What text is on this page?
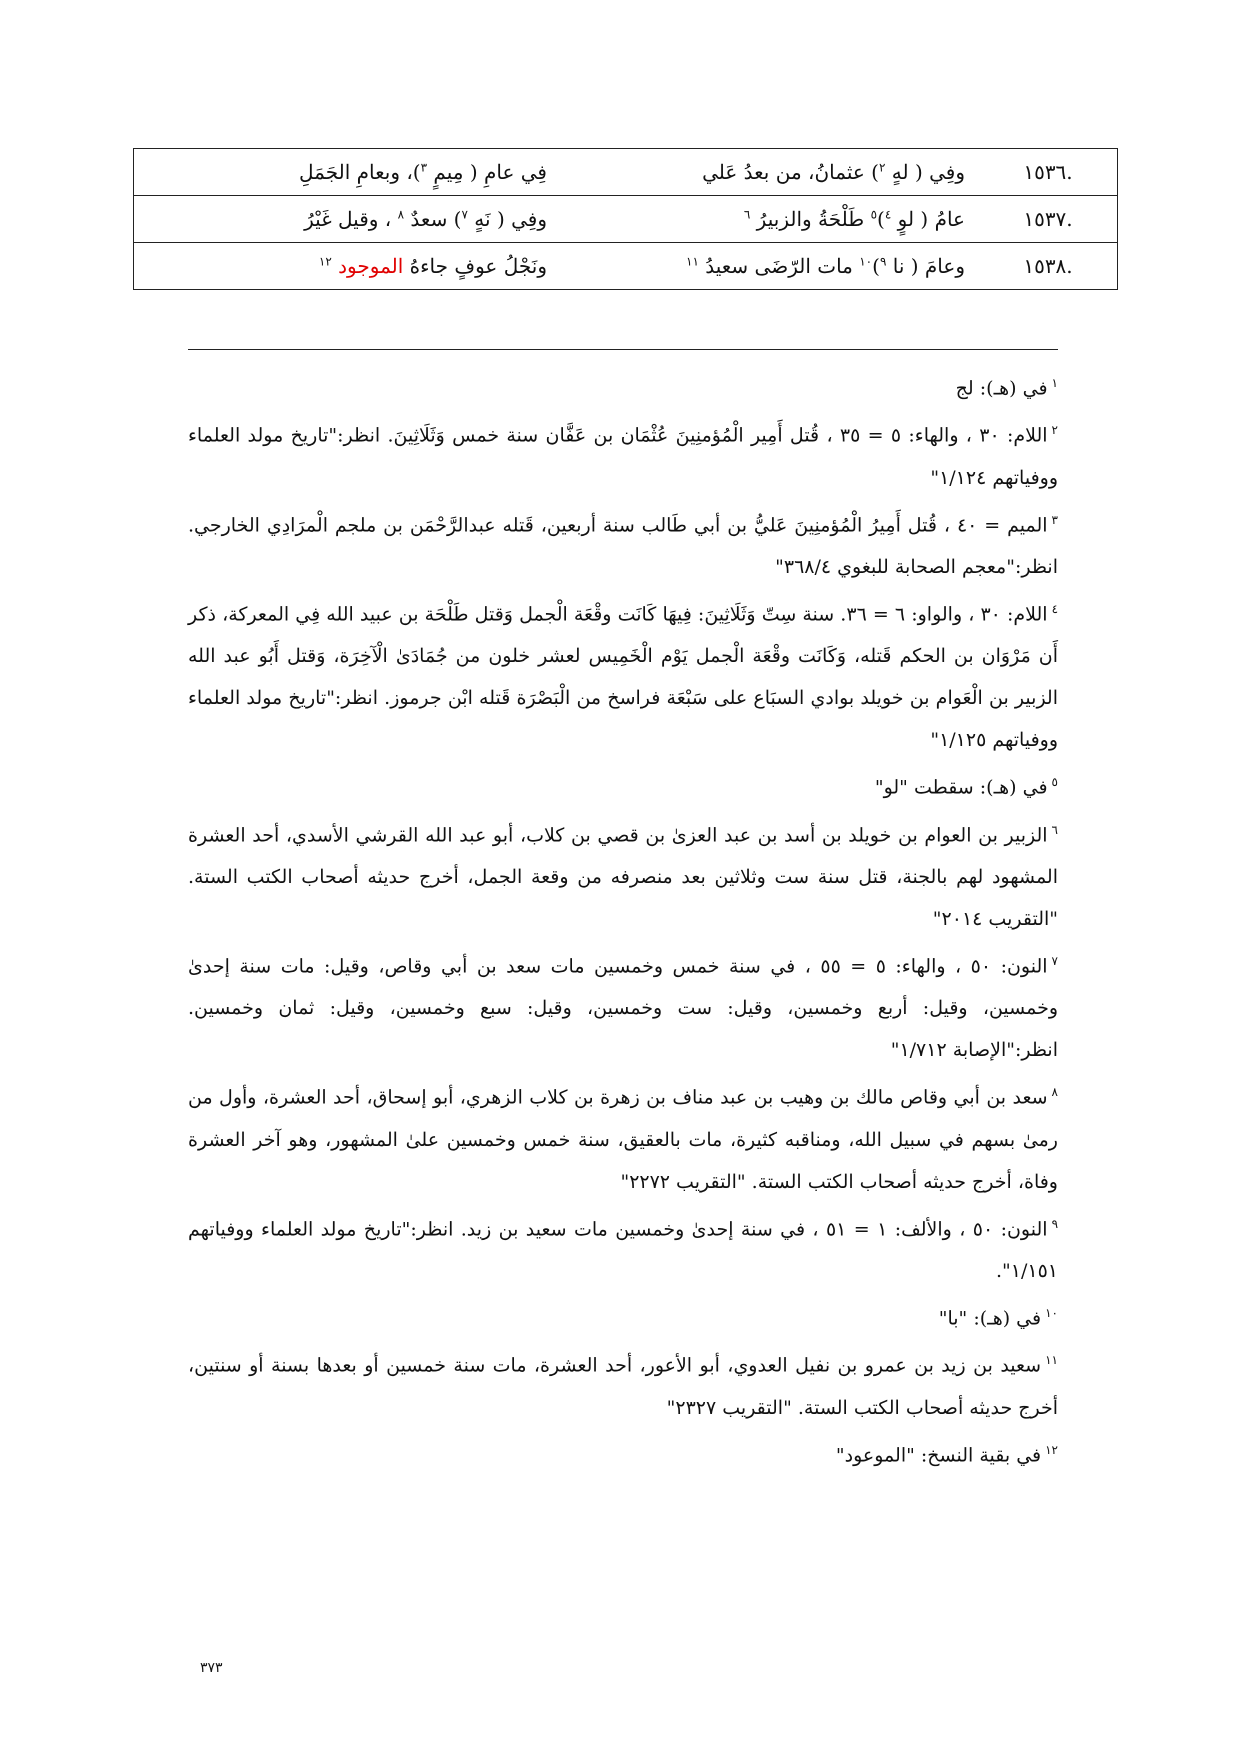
١٥٣٦.	وفِي ( لهٍ $^٢$) عثمانُ، من بعدُ عَلي	فِي عامِ ( مِيمٍ $^٣$)، وبعامِ الجَمَلِ
١٥٣٧.	عامُ ( لوٍ $^٤$)$^٥$ طَلْحَةُ والزبيرُ $^٦$	وفِي ( نَهٍ $^٧$) سعدٌ $^٨$ ، وقيل غَيْرُ
١٥٣٨.	وعامَ ( نا $^٩$)$^{١٠}$ مات الرّضَى سعيدُ $^{١١}$	ونَجْلُ عوفٍ جاءهُ الموجود $^{١٢}$

$^١$في (هـ): لج

$^٢$اللام: ٣٠ ، والهاء: ٥ = ٣٥ ، قُتل أَمِير الْمُؤمنِينَ عُثْمَان بن عَفَّان سنة خمس وَثَلَاثِينَ. انظر:"تاريخ مولد العلماء ووفياتهم ١/١٢٤"

$^٣$الميم = ٤٠ ، قُتل أَمِيرُ الْمُؤمنِينَ عَليُّ بن أبي طَالب سنة أربعين، قَتله عبدالرَّحْمَن بن ملجم الْمرَادِي الخارجي. انظر:"معجم الصحابة للبغوي ٣٦٨/٤"

$^٤$اللام: ٣٠ ، والواو: ٦ = ٣٦. سنة سِتّ وَثَلَاثِينَ: فِيهَا كَانَت وقْعَة الْجمل وَقتل طَلْحَة بن عبيد الله فِي المعركة، ذكر أَن مَرْوَان بن الحكم قَتله، وَكَانَت وقْعَة الْجمل يَوْم الْخَمِيس لعشر خلون من جُمَادَىٰ الْآخِرَة، وَقتل أَبُو عبد الله الزبير بن الْعَوام بن خويلد بوادي السبَاع على سَبْعَة فراسخ من الْبَصْرَة قَتله ابْن جرموز. انظر:"تاريخ مولد العلماء ووفياتهم ١/١٢٥"

$^٥$في (هـ): سقطت "لو"

$^٦$الزبير بن العوام بن خويلد بن أسد بن عبد العزىٰ بن قصي بن كلاب، أبو عبد الله القرشي الأسدي، أحد العشرة المشهود لهم بالجنة، قتل سنة ست وثلاثين بعد منصرفه من وقعة الجمل، أخرج حديثه أصحاب الكتب الستة. "التقريب ٢٠١٤"

$^٧$النون: ٥٠ ، والهاء: ٥ = ٥٥ ، في سنة خمس وخمسين مات سعد بن أبي وقاص، وقيل: مات سنة إحدىٰ وخمسين، وقيل: أربع وخمسين، وقيل: ست وخمسين، وقيل: سبع وخمسين، وقيل: ثمان وخمسين. انظر:"الإصابة ١/٧١٢"

$^٨$سعد بن أبي وقاص مالك بن وهيب بن عبد مناف بن زهرة بن كلاب الزهري، أبو إسحاق، أحد العشرة، وأول من رمىٰ بسهم في سبيل الله، ومناقبه كثيرة، مات بالعقيق، سنة خمس وخمسين علىٰ المشهور، وهو آخر العشرة وفاة، أخرج حديثه أصحاب الكتب الستة. "التقريب ٢٢٧٢"

$^٩$النون: ٥٠ ، والألف: ١ = ٥١ ، في سنة إحدىٰ وخمسين مات سعيد بن زيد. انظر:"تاريخ مولد العلماء ووفياتهم ١/١٥١".

$^{١٠}$في (هـ): "با"

$^{١١}$سعيد بن زيد بن عمرو بن نفيل العدوي، أبو الأعور، أحد العشرة، مات سنة خمسين أو بعدها بسنة أو سنتين، أخرج حديثه أصحاب الكتب الستة. "التقريب ٢٣٢٧"

$^{١٢}$في بقية النسخ: "الموعود"

٣٧٣
